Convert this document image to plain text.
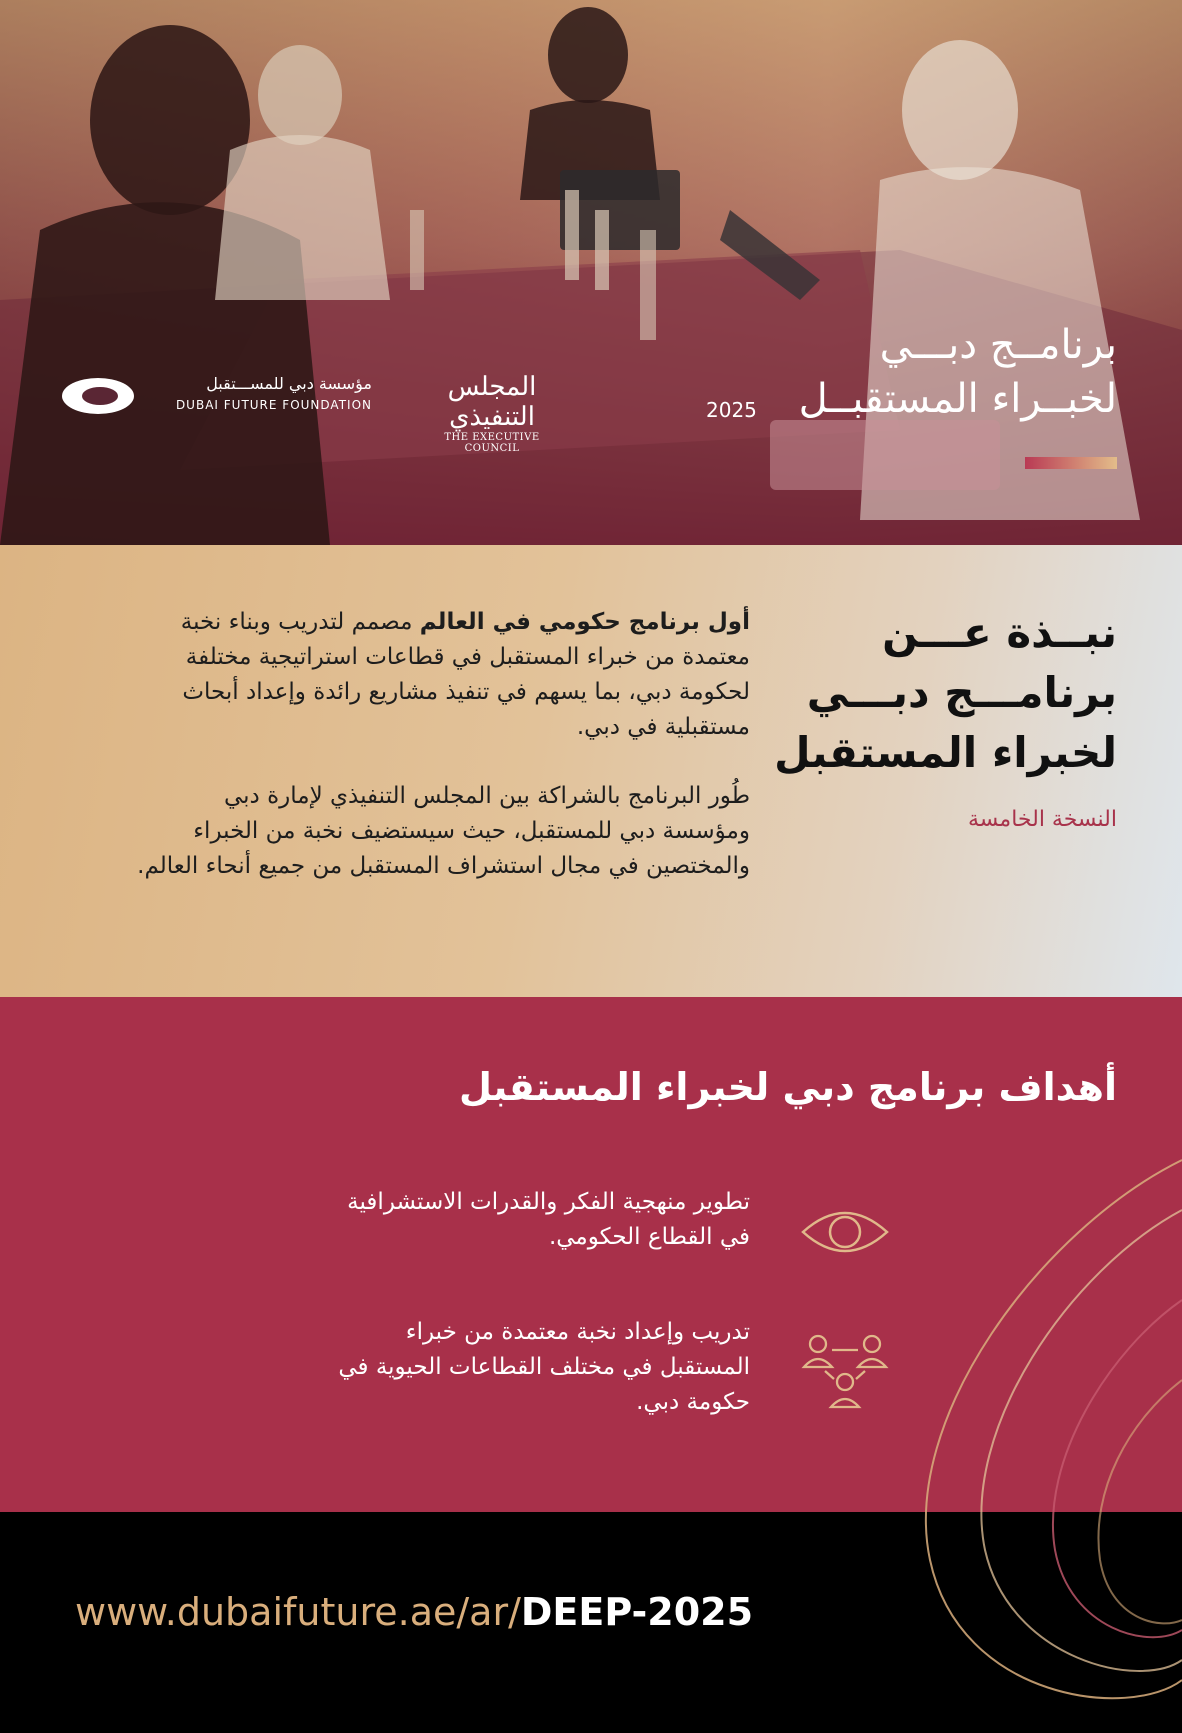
برنامــج دبـــي
لخبــراء المستقبــل
2025
مؤسسة دبي للمســـتقبل
DUBAI FUTURE FOUNDATION
المجلس التنفيذي
THE EXECUTIVE COUNCIL
نبــذة عـــن
برنامـــج دبـــي
لخبراء المستقبل
النسخة الخامسة

أول برنامج حكومي في العالم مصمم لتدريب وبناء نخبة معتمدة من خبراء المستقبل في قطاعات استراتيجية مختلفة لحكومة دبي، بما يسهم في تنفيذ مشاريع رائدة وإعداد أبحاث مستقبلية في دبي.

طُور البرنامج بالشراكة بين المجلس التنفيذي لإمارة دبي ومؤسسة دبي للمستقبل، حيث سيستضيف نخبة من الخبراء والمختصين في مجال استشراف المستقبل من جميع أنحاء العالم.

أهداف برنامج دبي لخبراء المستقبل
تطوير منهجية الفكر والقدرات الاستشرافية في القطاع الحكومي.
تدريب وإعداد نخبة معتمدة من خبراء المستقبل في مختلف القطاعات الحيوية في حكومة دبي.
www.dubaifuture.ae/ar/DEEP-2025
